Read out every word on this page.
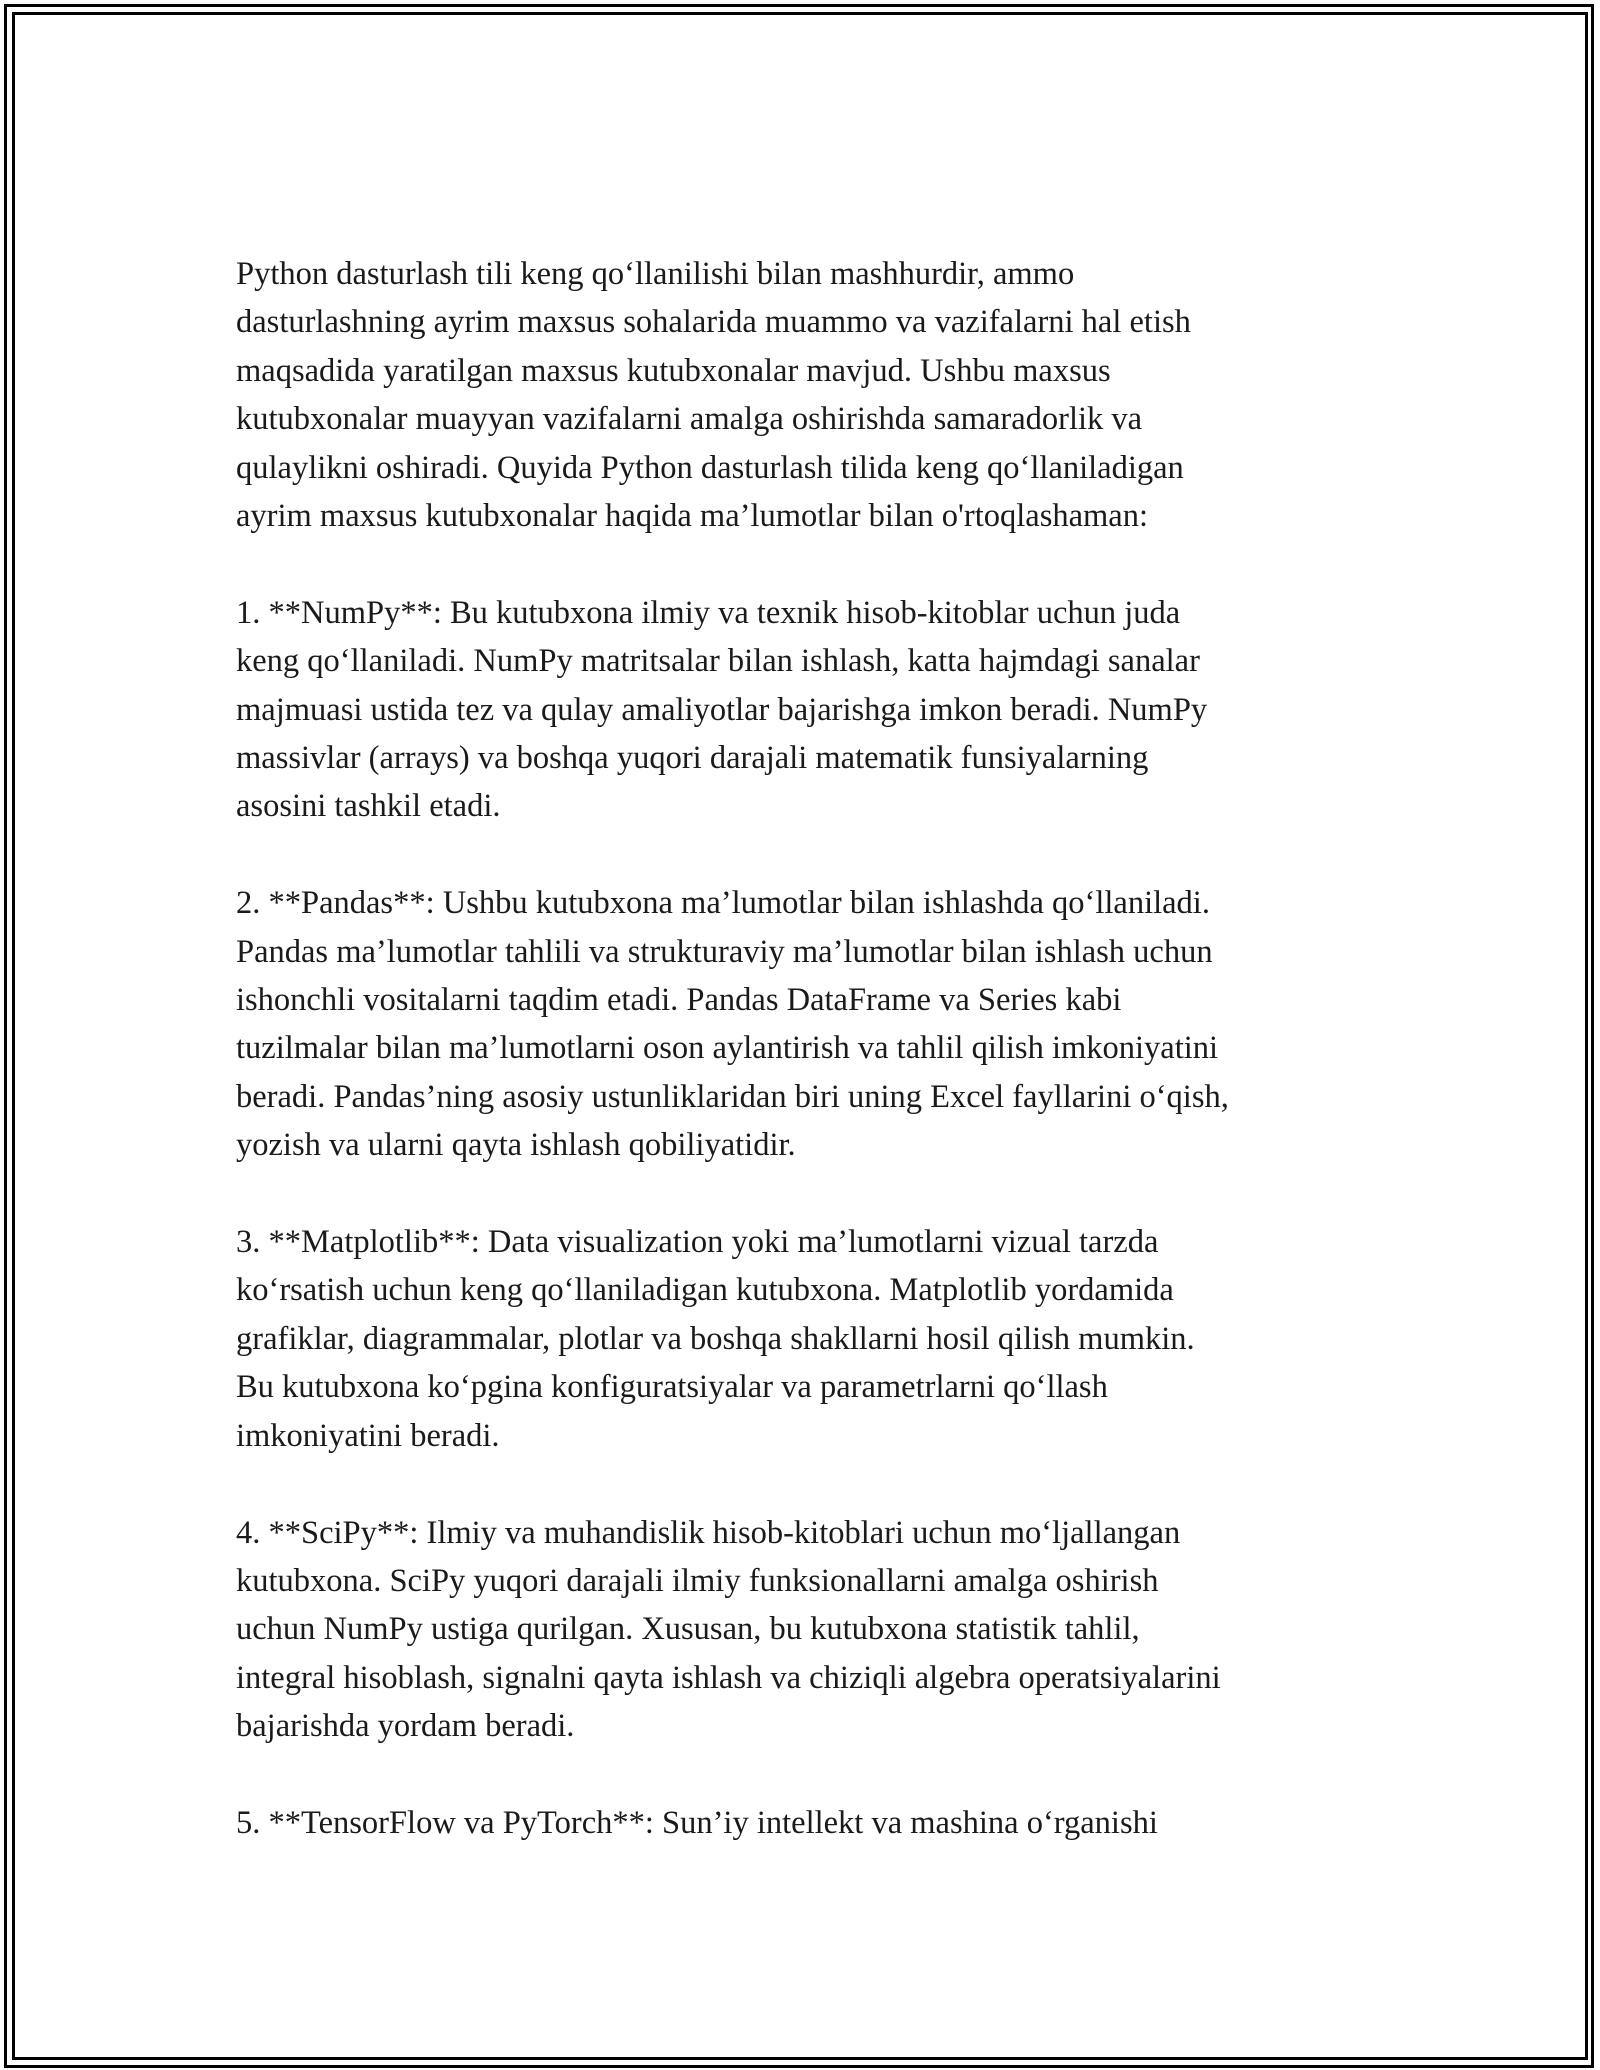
Python dasturlash tili keng qo‘llanilishi bilan mashhurdir, ammo
dasturlashning ayrim maxsus sohalarida muammo va vazifalarni hal etish
maqsadida yaratilgan maxsus kutubxonalar mavjud. Ushbu maxsus
kutubxonalar muayyan vazifalarni amalga oshirishda samaradorlik va
qulaylikni oshiradi. Quyida Python dasturlash tilida keng qo‘llaniladigan
ayrim maxsus kutubxonalar haqida ma’lumotlar bilan o'rtoqlashaman:

1. **NumPy**: Bu kutubxona ilmiy va texnik hisob-kitoblar uchun juda
keng qo‘llaniladi. NumPy matritsalar bilan ishlash, katta hajmdagi sanalar
majmuasi ustida tez va qulay amaliyotlar bajarishga imkon beradi. NumPy
massivlar (arrays) va boshqa yuqori darajali matematik funsiyalarning
asosini tashkil etadi.

2. **Pandas**: Ushbu kutubxona ma’lumotlar bilan ishlashda qo‘llaniladi.
Pandas ma’lumotlar tahlili va strukturaviy ma’lumotlar bilan ishlash uchun
ishonchli vositalarni taqdim etadi. Pandas DataFrame va Series kabi
tuzilmalar bilan ma’lumotlarni oson aylantirish va tahlil qilish imkoniyatini
beradi. Pandas’ning asosiy ustunliklaridan biri uning Excel fayllarini o‘qish,
yozish va ularni qayta ishlash qobiliyatidir.

3. **Matplotlib**: Data visualization yoki ma’lumotlarni vizual tarzda
ko‘rsatish uchun keng qo‘llaniladigan kutubxona. Matplotlib yordamida
grafiklar, diagrammalar, plotlar va boshqa shakllarni hosil qilish mumkin.
Bu kutubxona ko‘pgina konfiguratsiyalar va parametrlarni qo‘llash
imkoniyatini beradi.

4. **SciPy**: Ilmiy va muhandislik hisob-kitoblari uchun mo‘ljallangan
kutubxona. SciPy yuqori darajali ilmiy funksionallarni amalga oshirish
uchun NumPy ustiga qurilgan. Xususan, bu kutubxona statistik tahlil,
integral hisoblash, signalni qayta ishlash va chiziqli algebra operatsiyalarini
bajarishda yordam beradi.

5. **TensorFlow va PyTorch**: Sun’iy intellekt va mashina o‘rganishi
